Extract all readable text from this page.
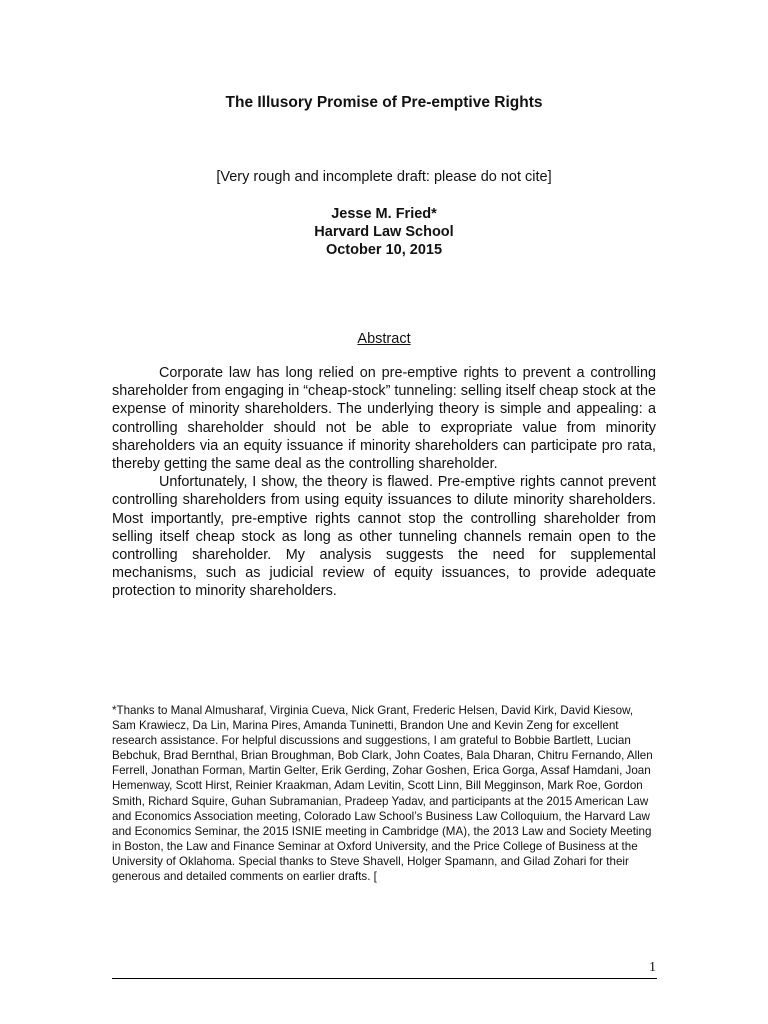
The Illusory Promise of Pre-emptive Rights
[Very rough and incomplete draft: please do not cite]
Jesse M. Fried*
Harvard Law School
October 10, 2015
Abstract

Corporate law has long relied on pre-emptive rights to prevent a controlling shareholder from engaging in “cheap-stock” tunneling: selling itself cheap stock at the expense of minority shareholders. The underlying theory is simple and appealing: a controlling shareholder should not be able to expropriate value from minority shareholders via an equity issuance if minority shareholders can participate pro rata, thereby getting the same deal as the controlling shareholder.

Unfortunately, I show, the theory is flawed. Pre-emptive rights cannot prevent controlling shareholders from using equity issuances to dilute minority shareholders. Most importantly, pre-emptive rights cannot stop the controlling shareholder from selling itself cheap stock as long as other tunneling channels remain open to the controlling shareholder. My analysis suggests the need for supplemental mechanisms, such as judicial review of equity issuances, to provide adequate protection to minority shareholders.

*Thanks to Manal Almusharaf, Virginia Cueva, Nick Grant, Frederic Helsen, David Kirk, David Kiesow, Sam Krawiecz, Da Lin, Marina Pires, Amanda Tuninetti, Brandon Une and Kevin Zeng for excellent research assistance. For helpful discussions and suggestions, I am grateful to Bobbie Bartlett, Lucian Bebchuk, Brad Bernthal, Brian Broughman, Bob Clark, John Coates, Bala Dharan, Chitru Fernando, Allen Ferrell, Jonathan Forman, Martin Gelter, Erik Gerding, Zohar Goshen, Erica Gorga, Assaf Hamdani, Joan Hemenway, Scott Hirst, Reinier Kraakman, Adam Levitin, Scott Linn, Bill Megginson, Mark Roe, Gordon Smith, Richard Squire, Guhan Subramanian, Pradeep Yadav, and participants at the 2015 American Law and Economics Association meeting, Colorado Law School’s Business Law Colloquium, the Harvard Law and Economics Seminar, the 2015 ISNIE meeting in Cambridge (MA), the 2013 Law and Society Meeting in Boston, the Law and Finance Seminar at Oxford University, and the Price College of Business at the University of Oklahoma. Special thanks to Steve Shavell, Holger Spamann, and Gilad Zohari for their generous and detailed comments on earlier drafts. [
1
